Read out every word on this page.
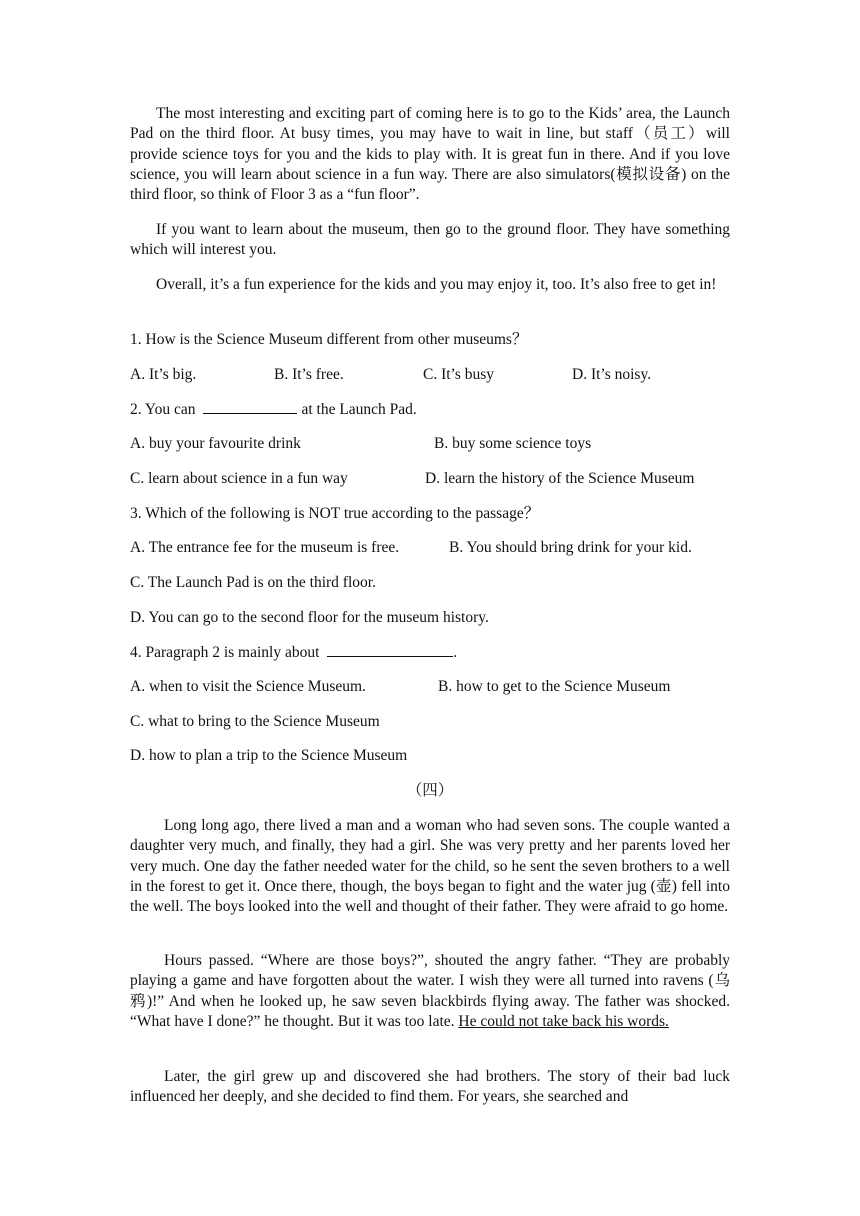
The most interesting and exciting part of coming here is to go to the Kids’ area, the Launch Pad on the third floor. At busy times, you may have to wait in line, but staff（员工）will provide science toys for you and the kids to play with. It is great fun in there. And if you love science, you will learn about science in a fun way. There are also simulators(模拟设备) on the third floor, so think of Floor 3 as a “fun floor”.

If you want to learn about the museum, then go to the ground floor. They have something which will interest you.

Overall, it’s a fun experience for the kids and you may enjoy it, too. It’s also free to get in!

1. How is the Science Museum different from other museums？
A. It’s big.	B. It’s free.	C. It’s busy	D. It’s noisy.
2. You can	at the Launch Pad.
A. buy your favourite drink	B. buy some science toys
C. learn about science in a fun way	D. learn the history of the Science Museum
3. Which of the following is NOT true according to the passage？
A. The entrance fee for the museum is free.	B. You should bring drink for your kid.
C. The Launch Pad is on the third floor.
D. You can go to the second floor for the museum history.
4. Paragraph 2 is mainly about	.
A. when to visit the Science Museum.	B. how to get to the Science Museum
C. what to bring to the Science Museum
D. how to plan a trip to the Science Museum
（四）

Long long ago, there lived a man and a woman who had seven sons. The couple wanted a daughter very much, and finally, they had a girl. She was very pretty and her parents loved her very much. One day the father needed water for the child, so he sent the seven brothers to a well in the forest to get it. Once there, though, the boys began to fight and the water jug (壶) fell into the well. The boys looked into the well and thought of their father. They were afraid to go home.

Hours passed. “Where are those boys?”, shouted the angry father. “They are probably playing a game and have forgotten about the water. I wish they were all turned into ravens (乌鸦)!” And when he looked up, he saw seven blackbirds flying away. The father was shocked. “What have I done?” he thought. But it was too late. He could not take back his words.

Later, the girl grew up and discovered she had brothers. The story of their bad luck influenced her deeply, and she decided to find them. For years, she searched and
